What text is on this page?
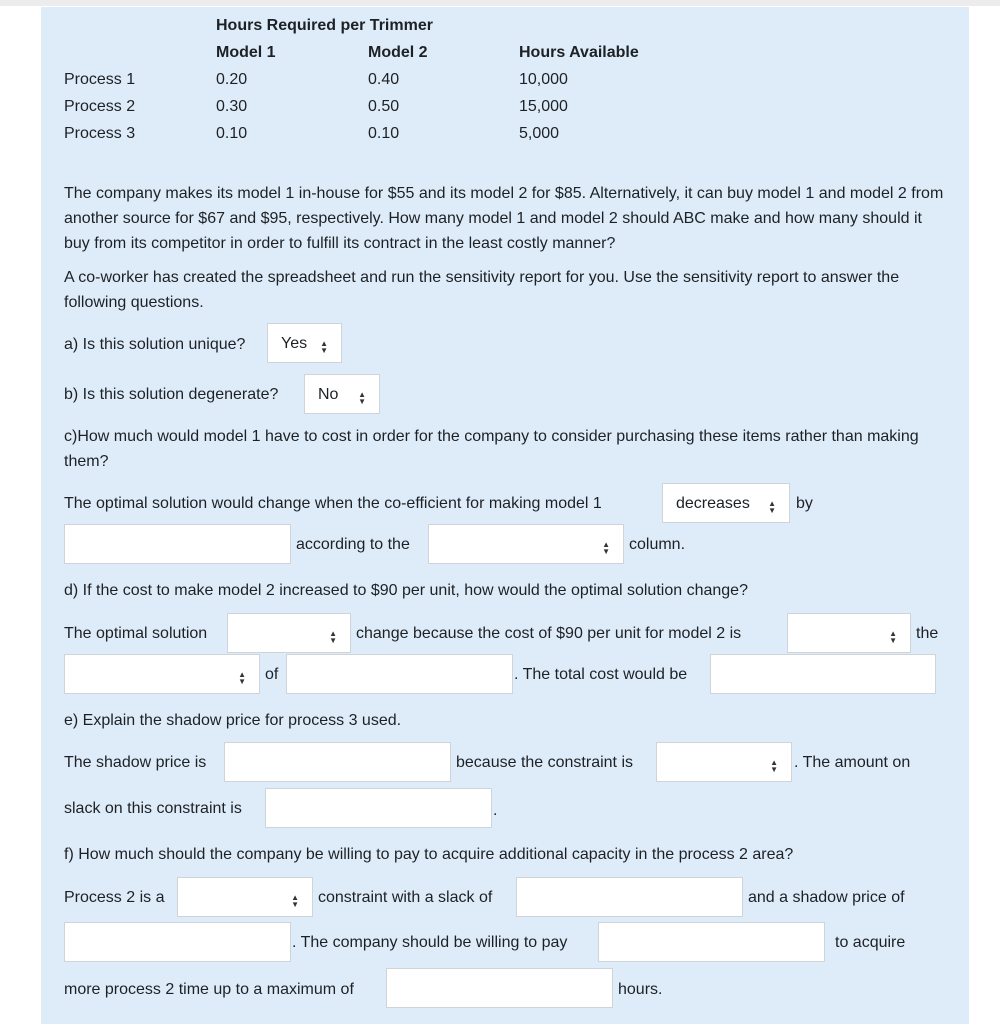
Hours Required per Trimmer
Model 1	Model 2	Hours Available
Process 1	0.20	0.40	10,000
Process 2	0.30	0.50	15,000
Process 3	0.10	0.10	5,000
The company makes its model 1 in-house for $55 and its model 2 for $85. Alternatively, it can buy model 1 and model 2 from another source for $67 and $95, respectively. How many model 1 and model 2 should ABC make and how many should it buy from its competitor in order to fulfill its contract in the least costly manner?
A co-worker has created the spreadsheet and run the sensitivity report for you. Use the sensitivity report to answer the following questions.
a) Is this solution unique? Yes ▲
▼
b) Is this solution degenerate? No ▲
▼
c)How much would model 1 have to cost in order for the company to consider purchasing these items rather than making them?
The optimal solution would change when the co-efficient for making model 1	decreases ▲
▼ by
according to the	▲
▼ column.
d) If the cost to make model 2 increased to $90 per unit, how would the optimal solution change?
The optimal solution	▲
▼ change because the cost of $90 per unit for model 2 is	▲
▼ the
▲
▼ of	. The total cost would be
e) Explain the shadow price for process 3 used.
The shadow price is	because the constraint is	▲
▼ . The amount on
slack on this constraint is	.
f) How much should the company be willing to pay to acquire additional capacity in the process 2 area?
Process 2 is a	▲
▼ constraint with a slack of	and a shadow price of
. The company should be willing to pay	to acquire
more process 2 time up to a maximum of	hours.
